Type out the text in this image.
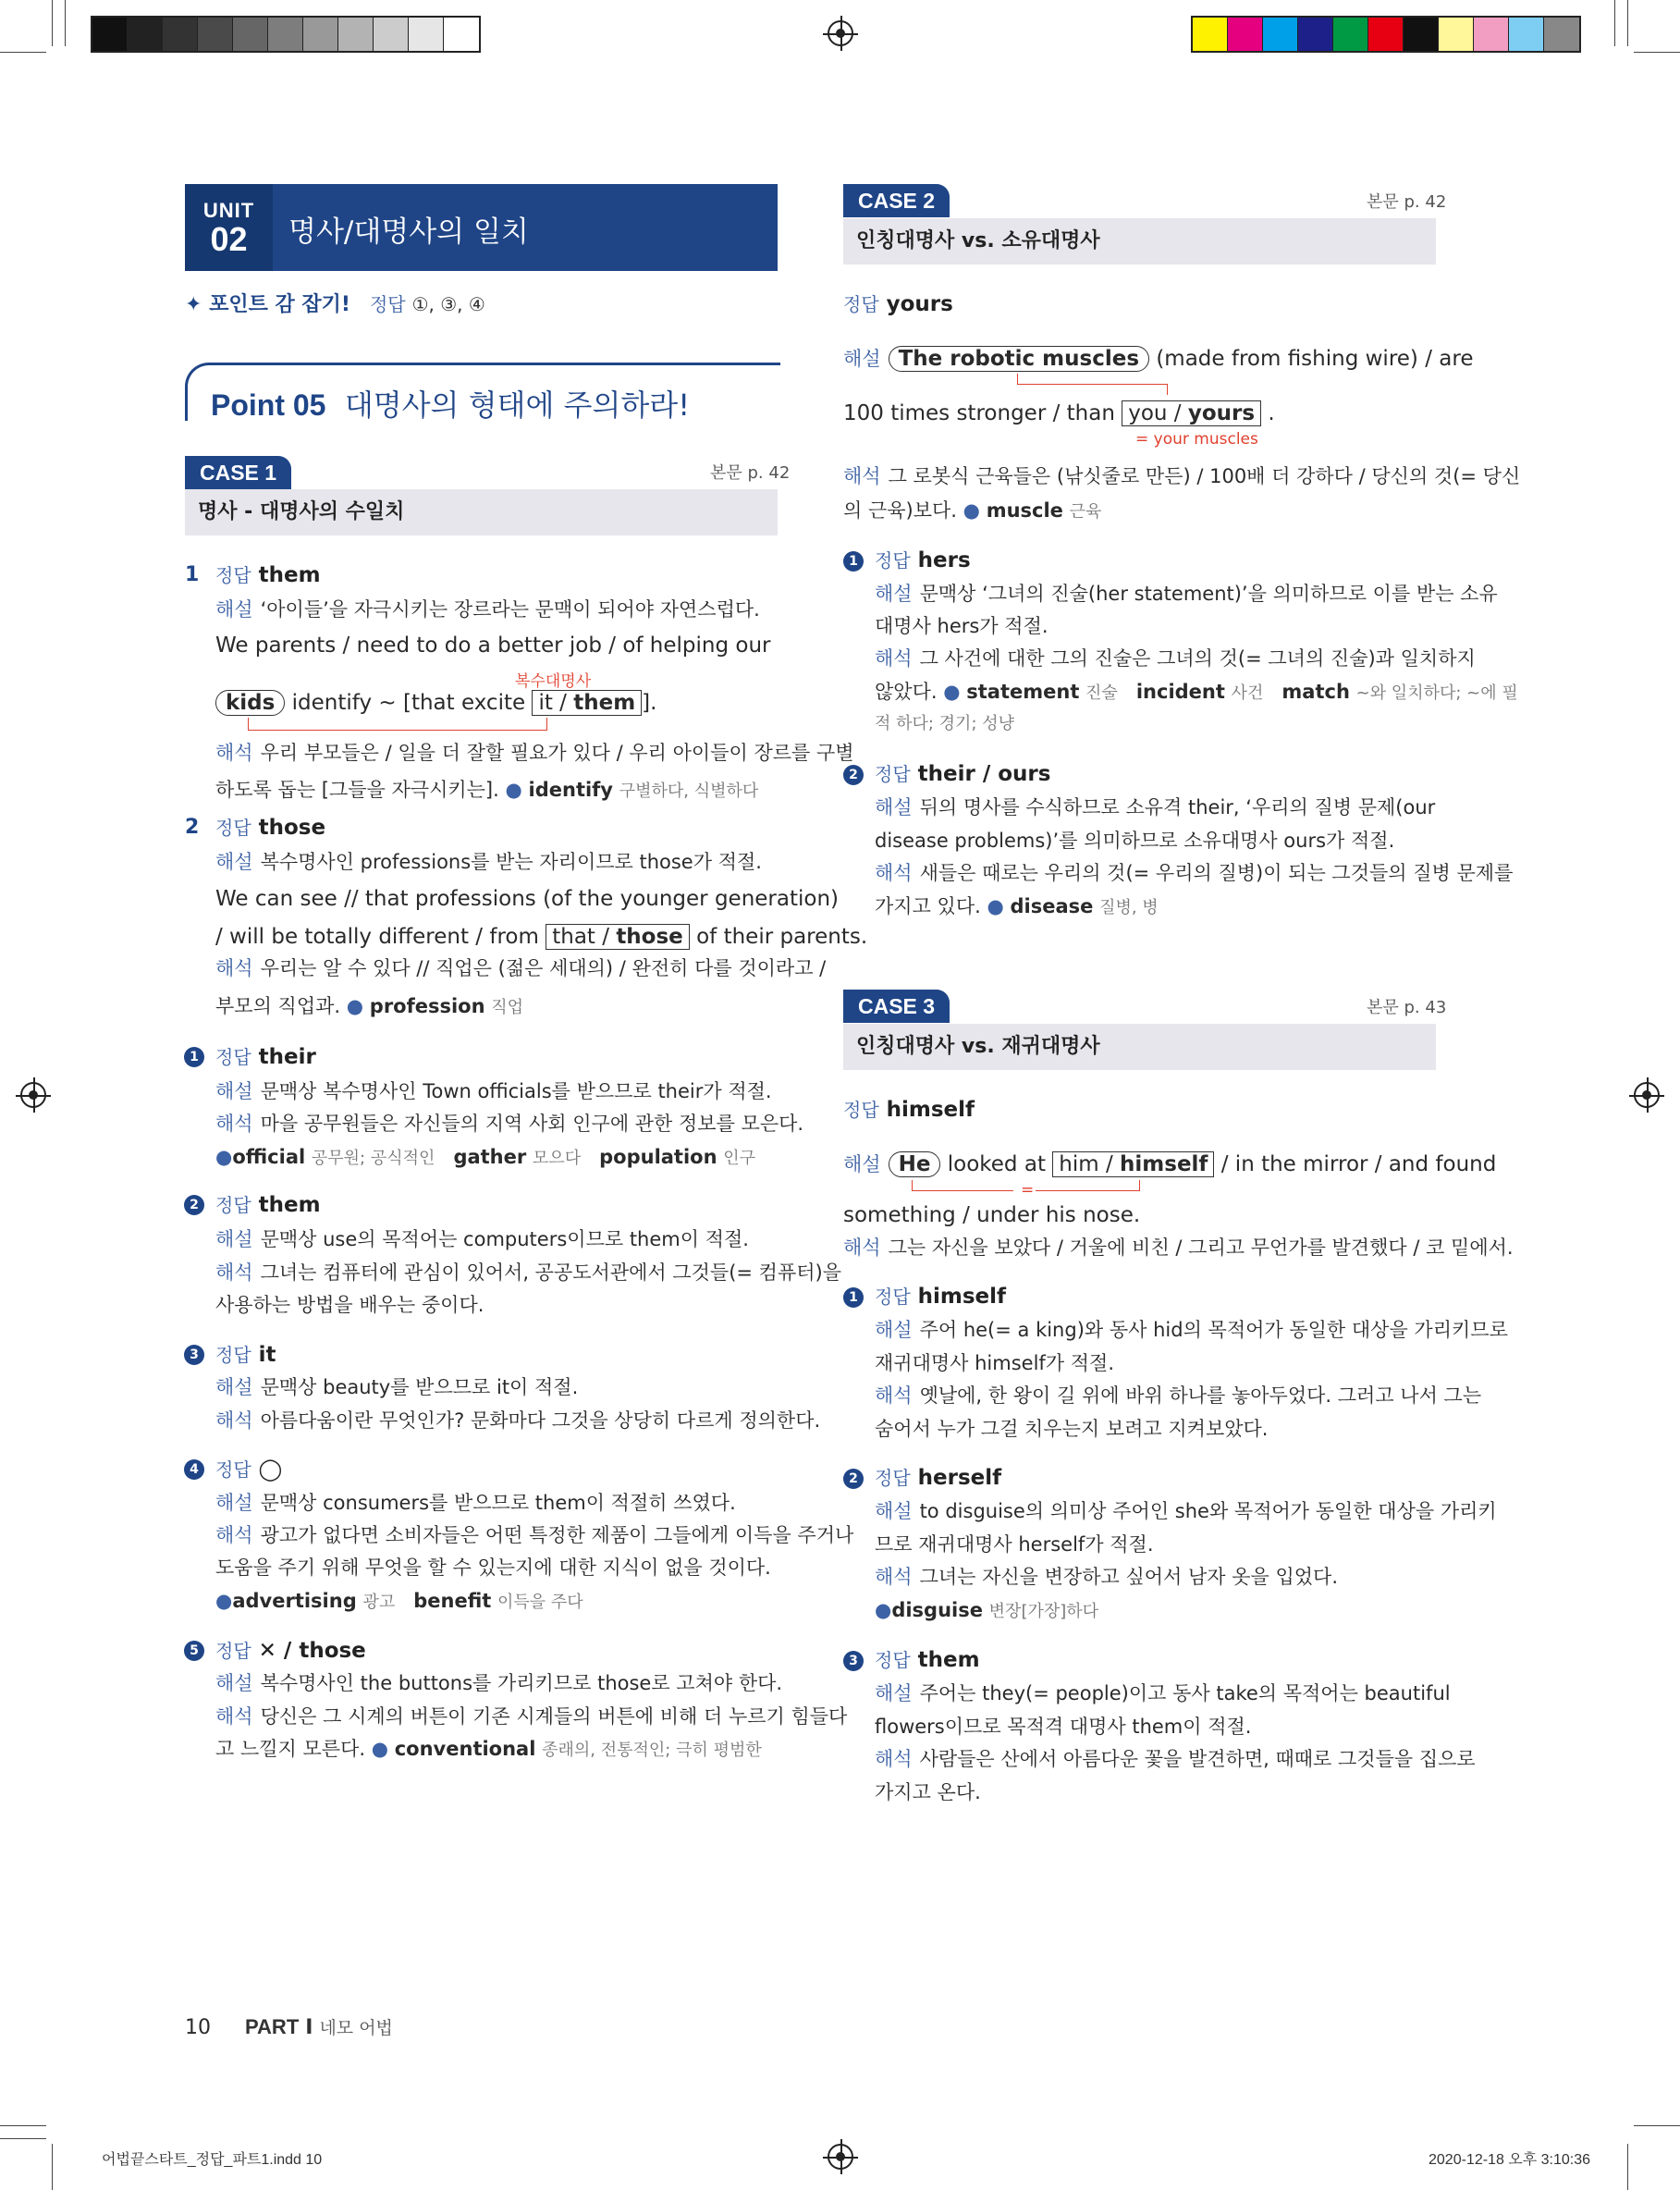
UNIT
02	명사/대명사의 일치
✦ 포인트 감 잡기! 정답 ①, ③, ④
Point 05 대명사의 형태에 주의하라!
CASE 1	본문 p. 42
명사 - 대명사의 수일치
1 정답 them
해설 ‘아이들’을 자극시키는 장르라는 문맥이 되어야 자연스럽다.
We parents / need to do a better job / of helping our
복수대명사
kids identify ~ [that excite it / them ].
해석 우리 부모들은 / 일을 더 잘할 필요가 있다 / 우리 아이들이 장르를 구별
하도록 돕는 [그들을 자극시키는]. ● identify 구별하다, 식별하다
2 정답 those
해설 복수명사인 professions를 받는 자리이므로 those가 적절.
We can see // that professions (of the younger generation)
/ will be totally different / from that / those of their parents.
해석 우리는 알 수 있다 // 직업은 (젊은 세대의) / 완전히 다를 것이라고 /
부모의 직업과. ● profession 직업
1 정답 their
해설 문맥상 복수명사인 Town officials를 받으므로 their가 적절.
해석 마을 공무원들은 자신들의 지역 사회 인구에 관한 정보를 모은다.
●official 공무원; 공식적인 gather 모으다 population 인구
2 정답 them
해설 문맥상 use의 목적어는 computers이므로 them이 적절.
해석 그녀는 컴퓨터에 관심이 있어서, 공공도서관에서 그것들(= 컴퓨터)을
사용하는 방법을 배우는 중이다.
3 정답 it
해설 문맥상 beauty를 받으므로 it이 적절.
해석 아름다움이란 무엇인가? 문화마다 그것을 상당히 다르게 정의한다.
4 정답 ◯
해설 문맥상 consumers를 받으므로 them이 적절히 쓰였다.
해석 광고가 없다면 소비자들은 어떤 특정한 제품이 그들에게 이득을 주거나
도움을 주기 위해 무엇을 할 수 있는지에 대한 지식이 없을 것이다.
●advertising 광고 benefit 이득을 주다
5 정답 ✕ / those
해설 복수명사인 the buttons를 가리키므로 those로 고쳐야 한다.
해석 당신은 그 시계의 버튼이 기존 시계들의 버튼에 비해 더 누르기 힘들다
고 느낄지 모른다. ● conventional 종래의, 전통적인; 극히 평범한
CASE 2	본문 p. 42
인칭대명사 vs. 소유대명사
정답 yours
해설 The robotic muscles (made from fishing wire) / are
100 times stronger / than you / yours .
= your muscles
해석 그 로봇식 근육들은 (낚싯줄로 만든) / 100배 더 강하다 / 당신의 것(= 당신
의 근육)보다. ● muscle 근육
1 정답 hers
해설 문맥상 ‘그녀의 진술(her statement)’을 의미하므로 이를 받는 소유
대명사 hers가 적절.
해석 그 사건에 대한 그의 진술은 그녀의 것(= 그녀의 진술)과 일치하지
않았다. ● statement 진술 incident 사건 match ~와 일치하다; ~에 필
적 하다; 경기; 성냥
2 정답 their / ours
해설 뒤의 명사를 수식하므로 소유격 their, ‘우리의 질병 문제(our
disease problems)’를 의미하므로 소유대명사 ours가 적절.
해석 새들은 때로는 우리의 것(= 우리의 질병)이 되는 그것들의 질병 문제를
가지고 있다. ● disease 질병, 병
CASE 3	본문 p. 43
인칭대명사 vs. 재귀대명사
정답 himself
해설 He looked at him / himself / in the mirror / and found
=
something / under his nose.
해석 그는 자신을 보았다 / 거울에 비친 / 그리고 무언가를 발견했다 / 코 밑에서.
1 정답 himself
해설 주어 he(= a king)와 동사 hid의 목적어가 동일한 대상을 가리키므로
재귀대명사 himself가 적절.
해석 옛날에, 한 왕이 길 위에 바위 하나를 놓아두었다. 그러고 나서 그는
숨어서 누가 그걸 치우는지 보려고 지켜보았다.
2 정답 herself
해설 to disguise의 의미상 주어인 she와 목적어가 동일한 대상을 가리키
므로 재귀대명사 herself가 적절.
해석 그녀는 자신을 변장하고 싶어서 남자 옷을 입었다.
●disguise 변장[가장]하다
3 정답 them
해설 주어는 they(= people)이고 동사 take의 목적어는 beautiful
flowers이므로 목적격 대명사 them이 적절.
해석 사람들은 산에서 아름다운 꽃을 발견하면, 때때로 그것들을 집으로
가지고 온다.
10 PART I 네모 어법
어법끝스타트_정답_파트1.indd 10	2020-12-18 오후 3:10:36
